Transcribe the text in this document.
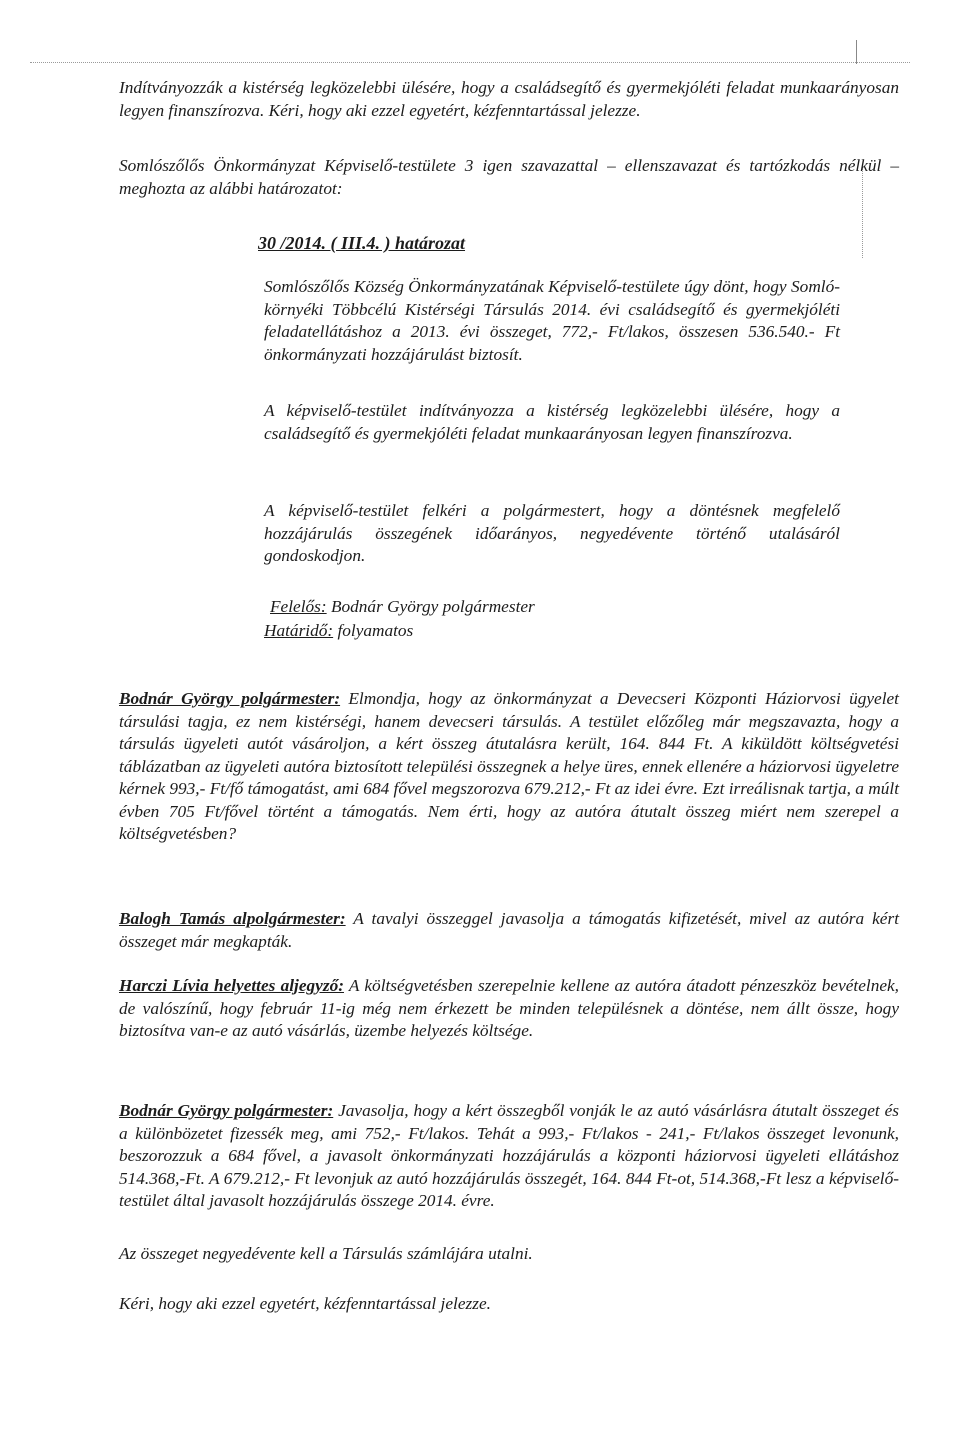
Indítványozzák a kistérség legközelebbi ülésére, hogy a családsegítő és gyermekjóléti feladat munkaarányosan legyen finanszírozva. Kéri, hogy aki ezzel egyetért, kézfenntartással jelezze.
Somlószőlős Önkormányzat Képviselő-testülete 3 igen szavazattal – ellenszavazat és tartózkodás nélkül – meghozta az alábbi határozatot:
30 /2014. ( III.4. ) határozat
Somlószőlős Község Önkormányzatának Képviselő-testülete úgy dönt, hogy Somló-környéki Többcélú Kistérségi Társulás 2014. évi családsegítő és gyermekjóléti feladatellátáshoz a 2013. évi összeget, 772,- Ft/lakos, összesen 536.540.- Ft önkormányzati hozzájárulást biztosít.
A képviselő-testület indítványozza a kistérség legközelebbi ülésére, hogy a családsegítő és gyermekjóléti feladat munkaarányosan legyen finanszírozva.
A képviselő-testület felkéri a polgármestert, hogy a döntésnek megfelelő hozzájárulás összegének időarányos, negyedévente történő utalásáról gondoskodjon.
Felelős: Bodnár György polgármester
Határidő: folyamatos
Bodnár György polgármester: Elmondja, hogy az önkormányzat a Devecseri Központi Háziorvosi ügyelet társulási tagja, ez nem kistérségi, hanem devecseri társulás. A testület előzőleg már megszavazta, hogy a társulás ügyeleti autót vásároljon, a kért összeg átutalásra került, 164. 844 Ft. A kiküldött költségvetési táblázatban az ügyeleti autóra biztosított települési összegnek a helye üres, ennek ellenére a háziorvosi ügyeletre kérnek 993,- Ft/fő támogatást, ami 684 fővel megszorozva 679.212,- Ft az idei évre. Ezt irreálisnak tartja, a múlt évben 705 Ft/fővel történt a támogatás. Nem érti, hogy az autóra átutalt összeg miért nem szerepel a költségvetésben?
Balogh Tamás alpolgármester: A tavalyi összeggel javasolja a támogatás kifizetését, mivel az autóra kért összeget már megkapták.
Harczi Lívia helyettes aljegyző: A költségvetésben szerepelnie kellene az autóra átadott pénzeszköz bevételnek, de valószínű, hogy február 11-ig még nem érkezett be minden településnek a döntése, nem állt össze, hogy biztosítva van-e az autó vásárlás, üzembe helyezés költsége.
Bodnár György polgármester: Javasolja, hogy a kért összegből vonják le az autó vásárlásra átutalt összeget és a különbözetet fizessék meg, ami 752,- Ft/lakos. Tehát a 993,- Ft/lakos - 241,- Ft/lakos összeget levonunk, beszorozzuk a 684 fővel, a javasolt önkormányzati hozzájárulás a központi háziorvosi ügyeleti ellátáshoz 514.368,-Ft. A 679.212,- Ft levonjuk az autó hozzájárulás összegét, 164. 844 Ft-ot, 514.368,-Ft lesz a képviselő-testület által javasolt hozzájárulás összege 2014. évre.
Az összeget negyedévente kell a Társulás számlájára utalni.
Kéri, hogy aki ezzel egyetért, kézfenntartással jelezze.
